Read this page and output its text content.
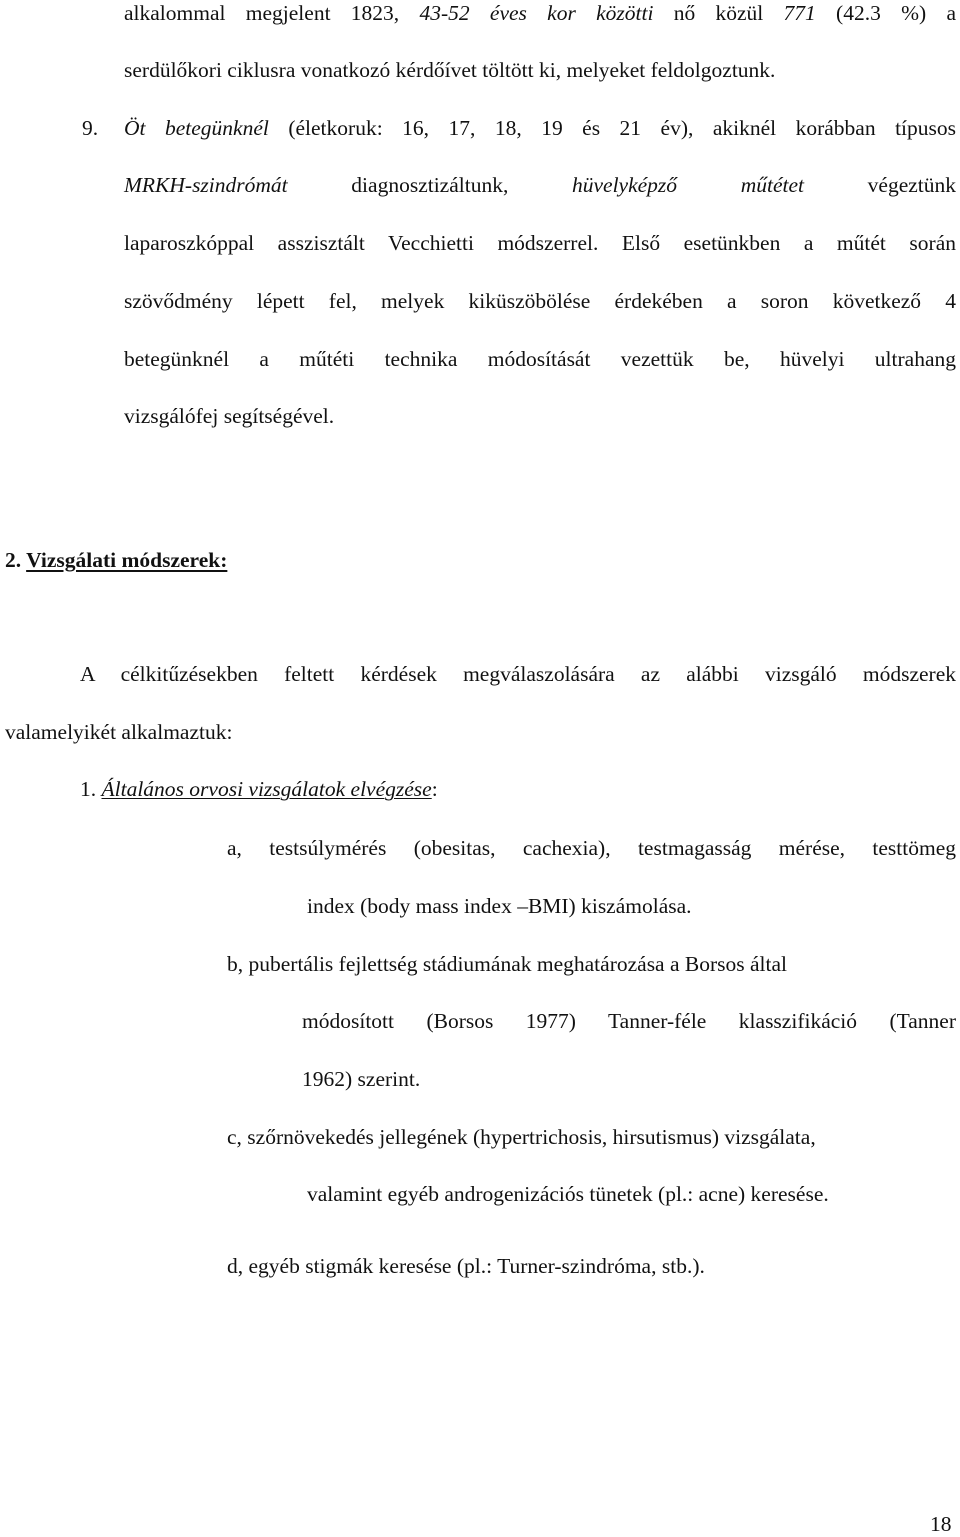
alkalommal megjelent 1823, 43-52 éves kor közötti nő közül 771 (42.3 %) a

serdülőkori ciklusra vonatkozó kérdőívet töltött ki, melyeket feldolgoztunk.

9. Öt betegünknél (életkoruk: 16, 17, 18, 19 és 21 év), akiknél korábban típusos

MRKH-szindrómát diagnosztizáltunk, hüvelyképző műtétet végeztünk

laparoszkóppal asszisztált Vecchietti módszerrel. Első esetünkben a műtét során

szövődmény lépett fel, melyek kiküszöbölése érdekében a soron következő 4

betegünknél a műtéti technika módosítását vezettük be, hüvelyi ultrahang

vizsgálófej segítségével.

2. Vizsgálati módszerek:

A célkitűzésekben feltett kérdések megválaszolására az alábbi vizsgáló módszerek

valamelyikét alkalmaztuk:

1. Általános orvosi vizsgálatok elvégzése:

a, testsúlymérés (obesitas, cachexia), testmagasság mérése, testtömeg

index (body mass index –BMI) kiszámolása.

b, pubertális fejlettség stádiumának meghatározása a Borsos által

módosított (Borsos 1977) Tanner-féle klasszifikáció (Tanner

1962) szerint.

c, szőrnövekedés jellegének (hypertrichosis, hirsutismus) vizsgálata,

valamint egyéb androgenizációs tünetek (pl.: acne) keresése.

d, egyéb stigmák keresése (pl.: Turner-szindróma, stb.).

18
